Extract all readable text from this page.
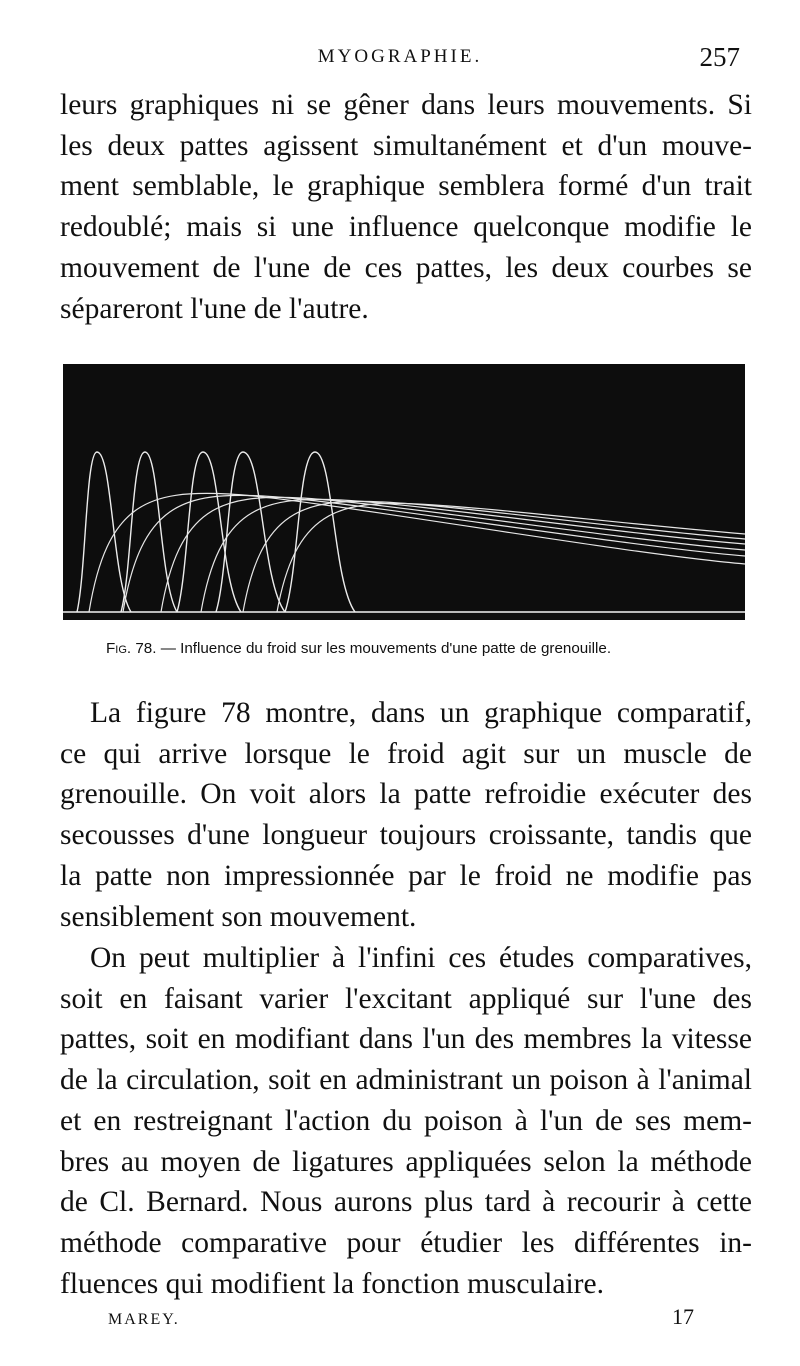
MYOGRAPHIE.	257

leurs graphiques ni se gêner dans leurs mouvements. Si
les deux pattes agissent simultanément et d'un mouve-
ment semblable, le graphique semblera formé d'un trait
redoublé; mais si une influence quelconque modifie le
mouvement de l'une de ces pattes, les deux courbes se
sépareront l'une de l'autre.

Fig. 78. — Influence du froid sur les mouvements d'une patte de grenouille.

La figure 78 montre, dans un graphique comparatif,
ce qui arrive lorsque le froid agit sur un muscle de
grenouille. On voit alors la patte refroidie exécuter des
secousses d'une longueur toujours croissante, tandis que
la patte non impressionnée par le froid ne modifie pas
sensiblement son mouvement.

On peut multiplier à l'infini ces études comparatives,
soit en faisant varier l'excitant appliqué sur l'une des
pattes, soit en modifiant dans l'un des membres la vitesse
de la circulation, soit en administrant un poison à l'animal
et en restreignant l'action du poison à l'un de ses mem-
bres au moyen de ligatures appliquées selon la méthode
de Cl. Bernard. Nous aurons plus tard à recourir à cette
méthode comparative pour étudier les différentes in-
fluences qui modifient la fonction musculaire.

MAREY.	17
